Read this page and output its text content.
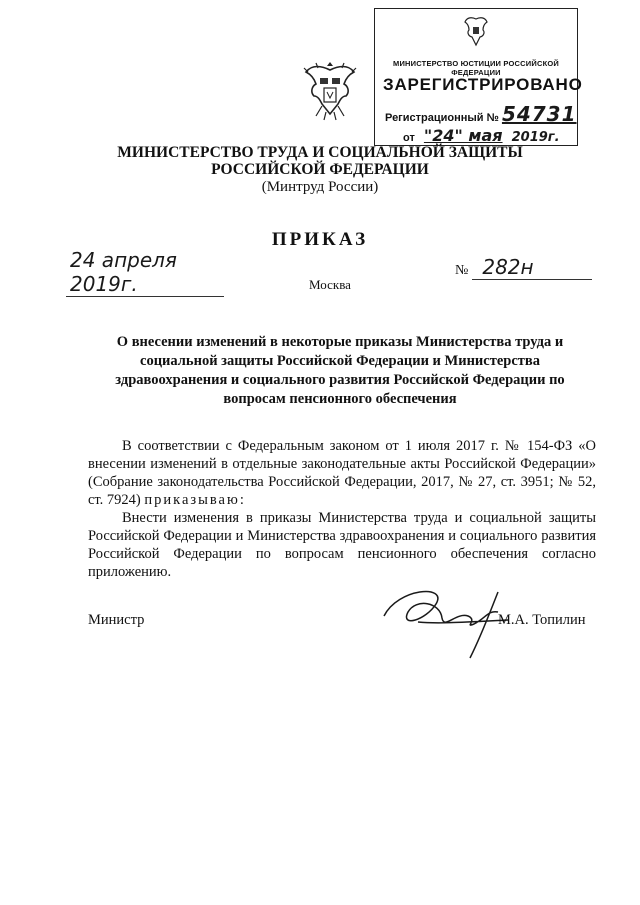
МИНИСТЕРСТВО ЮСТИЦИИ РОССИЙСКОЙ ФЕДЕРАЦИИ
ЗАРЕГИСТРИРОВАНО
Регистрационный № 54731
от "24" мая 2019г.
МИНИСТЕРСТВО ТРУДА И СОЦИАЛЬНОЙ ЗАЩИТЫ
РОССИЙСКОЙ ФЕДЕРАЦИИ
(Минтруд России)
ПРИКАЗ
24 апреля 2019г.
№ 282н
Москва
О внесении изменений в некоторые приказы Министерства труда и социальной защиты Российской Федерации и Министерства здравоохранения и социального развития Российской Федерации по вопросам пенсионного обеспечения

В соответствии с Федеральным законом от 1 июля 2017 г. № 154-ФЗ «О внесении изменений в отдельные законодательные акты Российской Федерации» (Собрание законодательства Российской Федерации, 2017, № 27, ст. 3951; № 52, ст. 7924) приказываю:

Внести изменения в приказы Министерства труда и социальной защиты Российской Федерации и Министерства здравоохранения и социального развития Российской Федерации по вопросам пенсионного обеспечения согласно приложению.

Министр	М.А. Топилин
